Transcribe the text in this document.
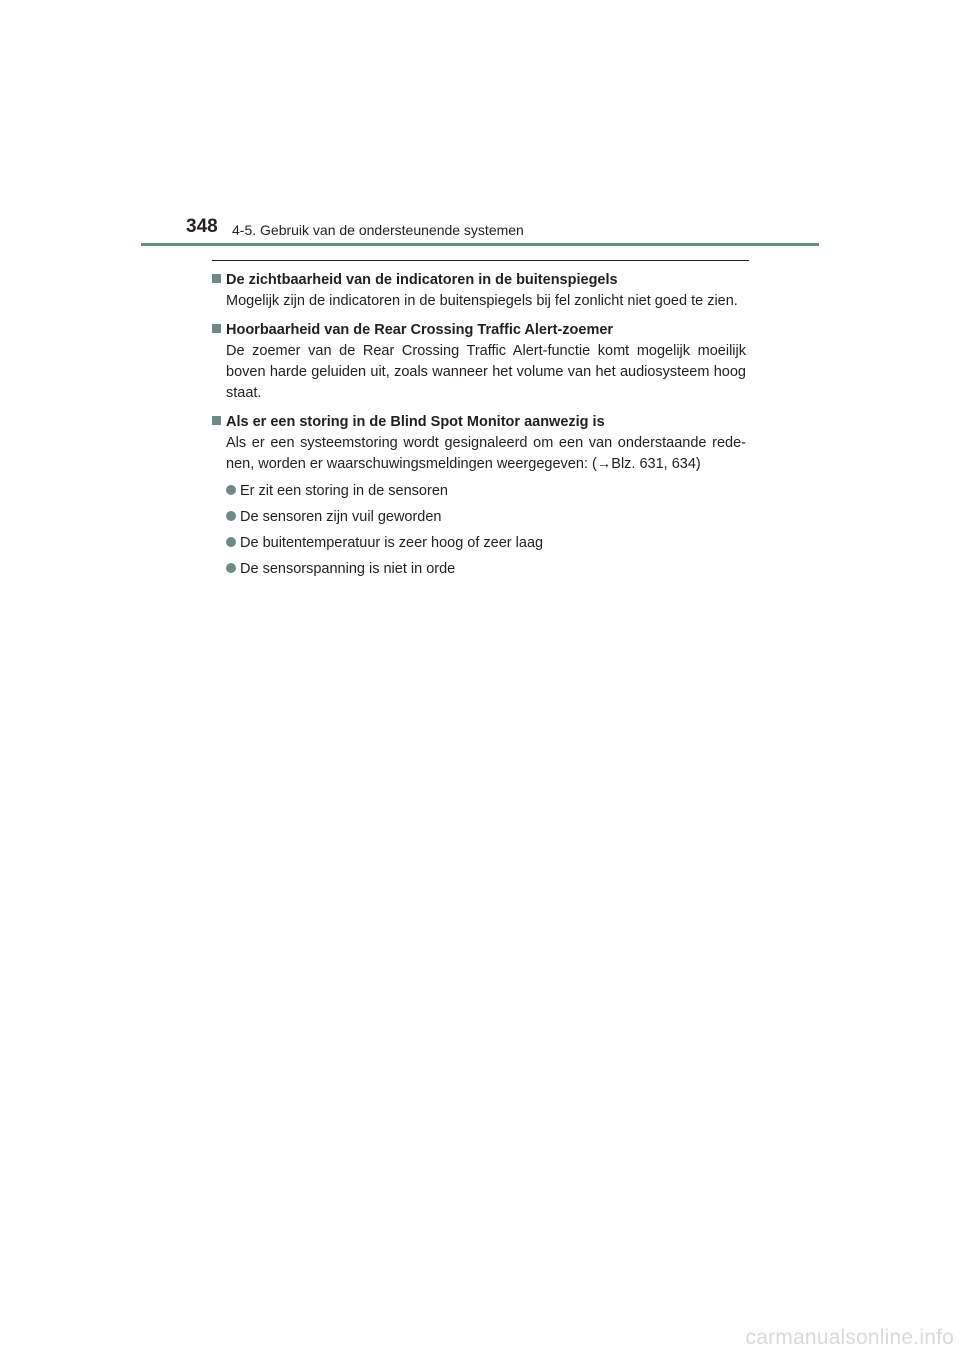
348 4-5. Gebruik van de ondersteunende systemen
De zichtbaarheid van de indicatoren in de buitenspiegels
Mogelijk zijn de indicatoren in de buitenspiegels bij fel zonlicht niet goed te zien.
Hoorbaarheid van de Rear Crossing Traffic Alert-zoemer
De zoemer van de Rear Crossing Traffic Alert-functie komt mogelijk moeilijk boven harde geluiden uit, zoals wanneer het volume van het audiosysteem hoog staat.
Als er een storing in de Blind Spot Monitor aanwezig is
Als er een systeemstoring wordt gesignaleerd om een van onderstaande rede-nen, worden er waarschuwingsmeldingen weergegeven: (→Blz. 631, 634)
Er zit een storing in de sensoren
De sensoren zijn vuil geworden
De buitentemperatuur is zeer hoog of zeer laag
De sensorspanning is niet in orde
carmanualsonline.info
